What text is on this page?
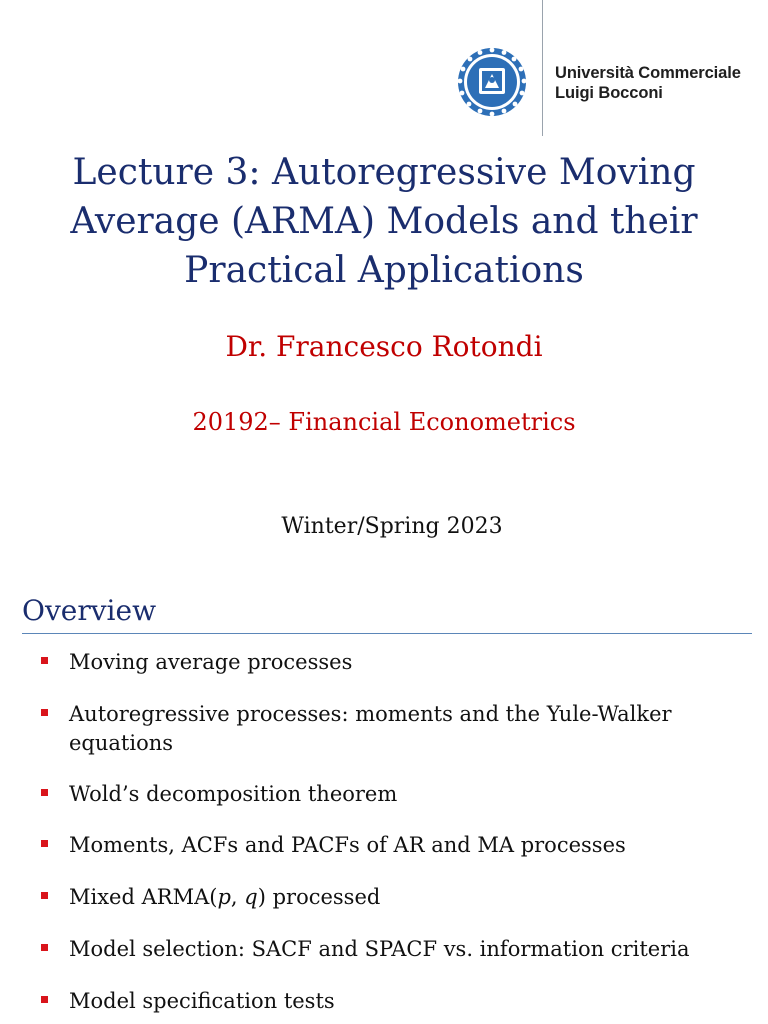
Università Commerciale
Luigi Bocconi

Lecture 3: Autoregressive Moving
Average (ARMA) Models and their
Practical Applications

Dr. Francesco Rotondi

20192– Financial Econometrics

Winter/Spring 2023

Overview
Moving average processes
Autoregressive processes: moments and the Yule-Walker equations
Wold’s decomposition theorem
Moments, ACFs and PACFs of AR and MA processes
Mixed ARMA(p, q) processed
Model selection: SACF and SPACF vs. information criteria
Model specification tests
